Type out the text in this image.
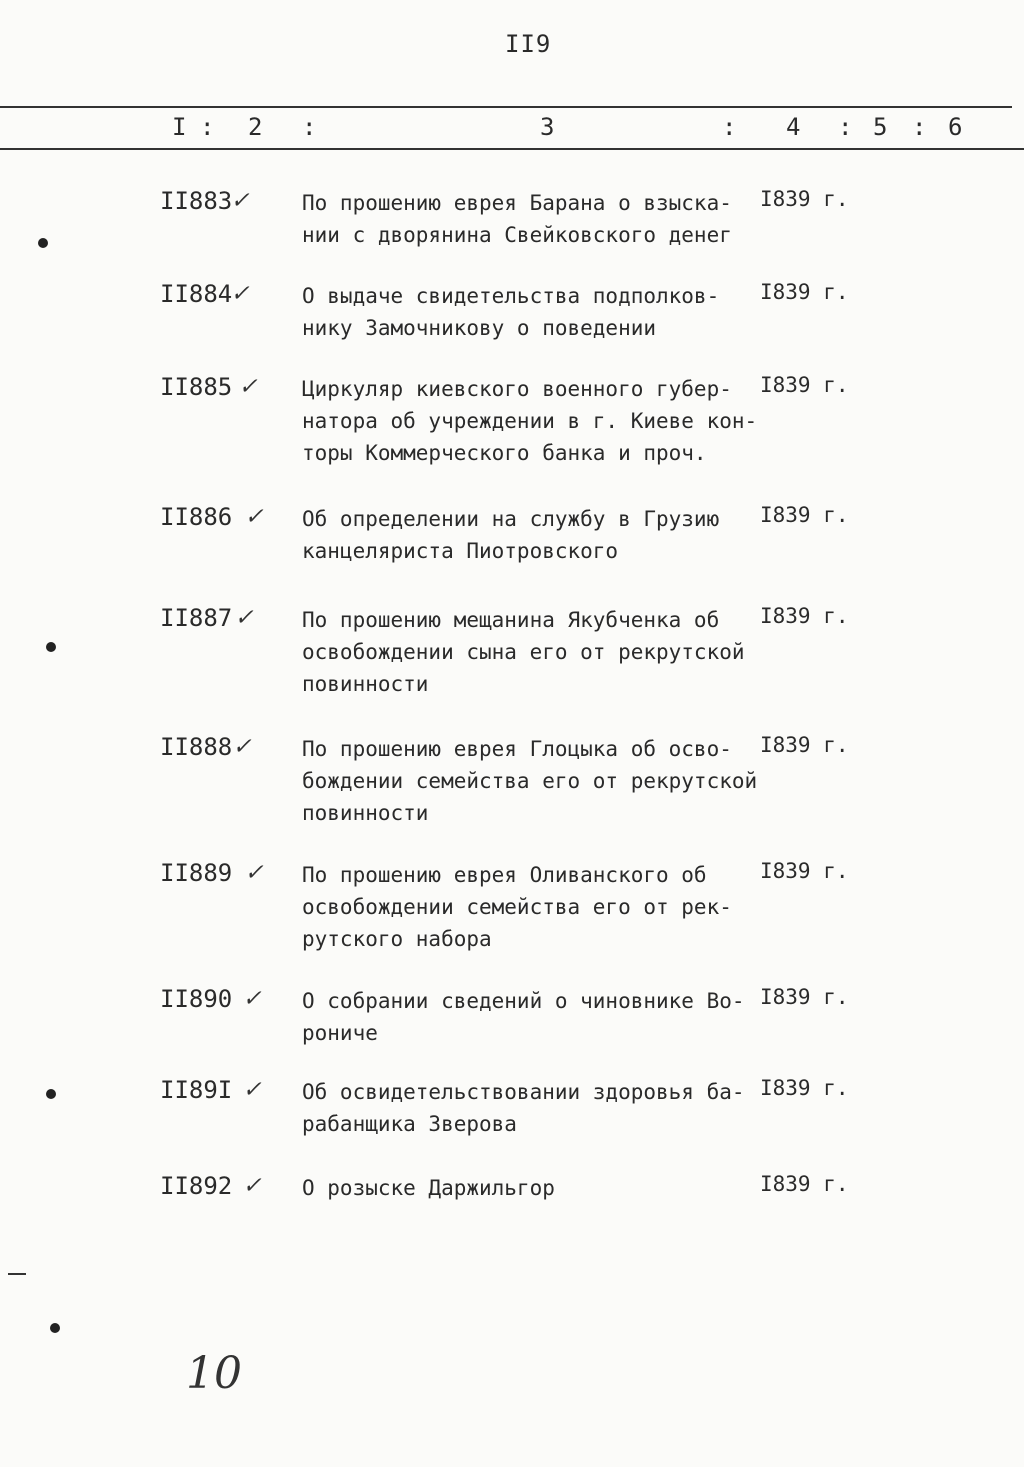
II9
I : 2 :	3	: 4 : 5 : 6
II883 ✓	По прошению еврея Барана о взыска-
нии с дворянина Свейковского денег
I839 г.
II884 ✓	О выдаче свидетельства подполков-
нику Замочникову о поведении
I839 г.
II885 ✓ Циркуляр киевского военного губер-
натора об учреждении в г. Киеве кон-
торы Коммерческого банка и проч.
I839 г.
II886 ✓ Об определении на службу в Грузию
канцеляриста Пиотровского
I839 г.
II887 ✓ По прошению мещанина Якубченка об
освобождении сына его от рекрутской
повинности
I839 г.
II888 ✓ По прошению еврея Глоцыка об осво-
бождении семейства его от рекрутской
повинности
I839 г.
II889 ✓ По прошению еврея Оливанского об
освобождении семейства его от рек-
рутского набора
I839 г.
II890 ✓ О собрании сведений о чиновнике Во-
рониче
I839 г.
II89I ✓ Об освидетельствовании здоровья ба-
рабанщика Зверова
I839 г.
II892 ✓ О розыске Даржильгор	I839 г.
10
